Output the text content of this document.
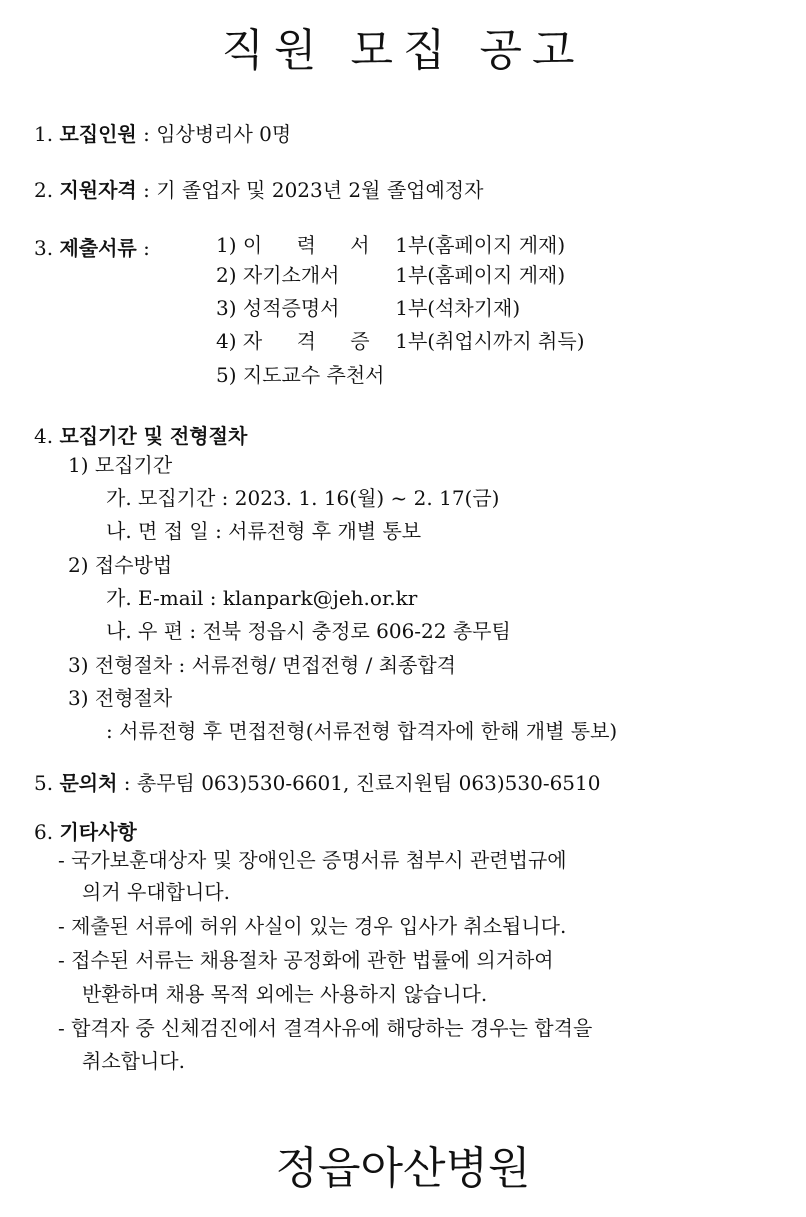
직원 모집 공고
1. 모집인원 : 임상병리사 0명
2. 지원자격 : 기 졸업자 및 2023년 2월 졸업예정자
3. 제출서류 :	1) 이 력 서 1부(홈페이지 게재)
2) 자기소개서	1부(홈페이지 게재)
3) 성적증명서	1부(석차기재)
4) 자 격 증 1부(취업시까지 취득)
5) 지도교수 추천서
4. 모집기간 및 전형절차
1) 모집기간
가. 모집기간 : 2023. 1. 16(월) ~ 2. 17(금)
나. 면 접 일 : 서류전형 후 개별 통보
2) 접수방법
가. E-mail : klanpark@jeh.or.kr
나. 우 편 : 전북 정읍시 충정로 606-22 총무팀
3) 전형절차 : 서류전형/ 면접전형 / 최종합격
3) 전형절차
: 서류전형 후 면접전형(서류전형 합격자에 한해 개별 통보)
5. 문의처 : 총무팀 063)530-6601, 진료지원팀 063)530-6510
6. 기타사항
- 국가보훈대상자 및 장애인은 증명서류 첨부시 관련법규에
의거 우대합니다.
- 제출된 서류에 허위 사실이 있는 경우 입사가 취소됩니다.
- 접수된 서류는 채용절차 공정화에 관한 법률에 의거하여
반환하며 채용 목적 외에는 사용하지 않습니다.
- 합격자 중 신체검진에서 결격사유에 해당하는 경우는 합격을
취소합니다.
정읍아산병원
